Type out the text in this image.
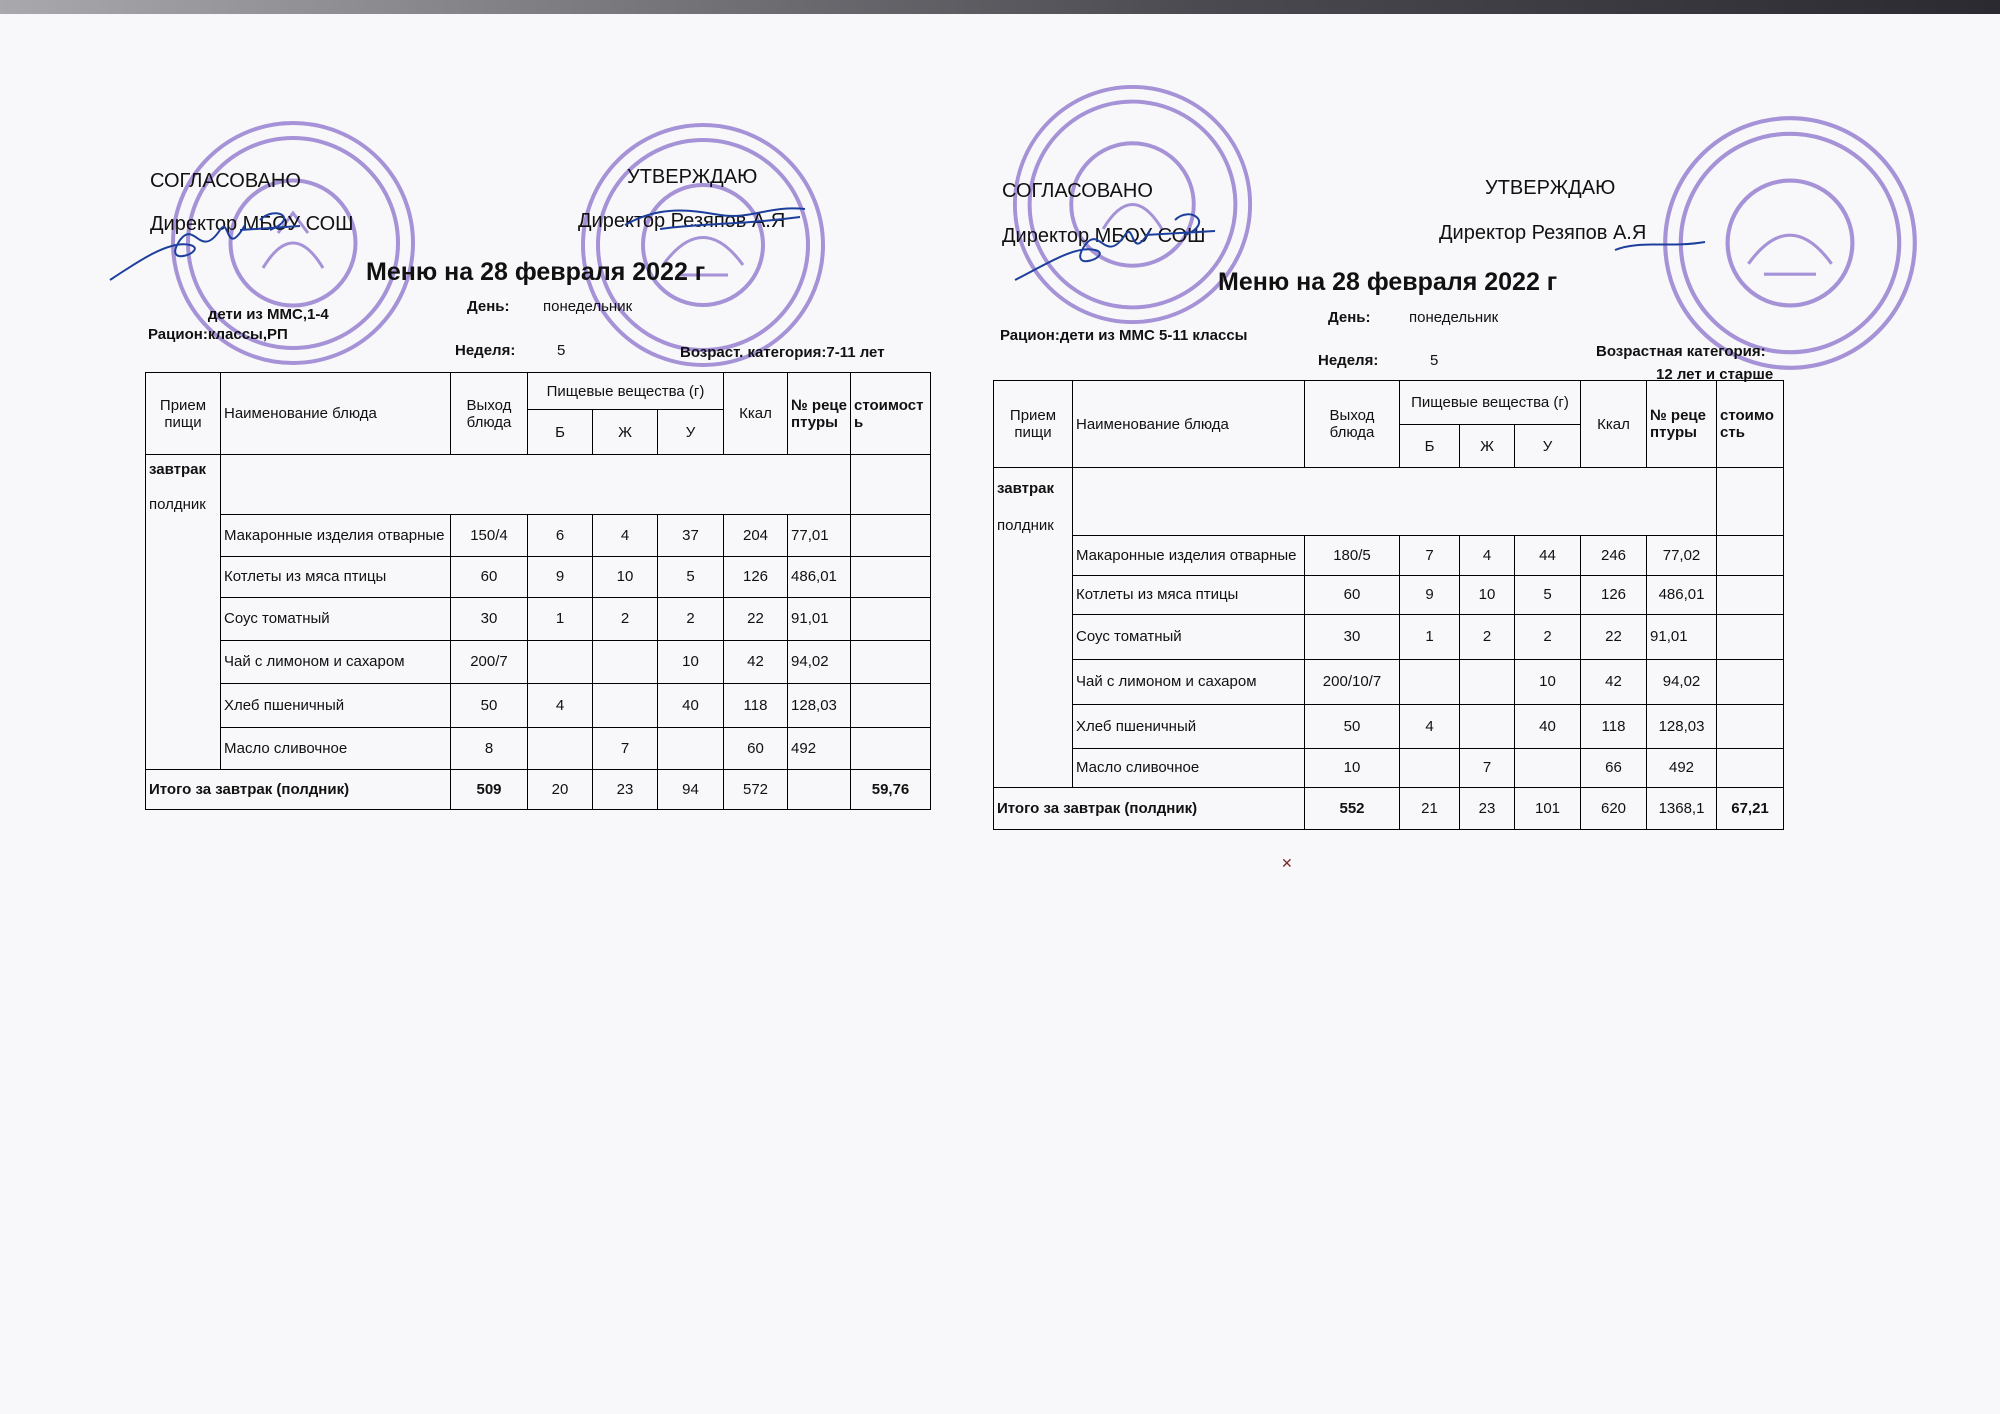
СОГЛАСОВАНО
Директор МБОУ СОШ
УТВЕРЖДАЮ
Директор Резяпов А.Я
Меню на 28 февраля 2022 г
Рацион:дети из ММС,1-4 классы,РП
День: понедельник
Неделя:	5	Возраст. категория:7-11 лет
Прием пищи	Наименование блюда	Выход блюда	Пищевые вещества (г)			Ккал	№ рецептуры	стоимость
			Б	Ж	У			

завтрак
полдник								

	Макаронные изделия отварные	150/4	6	4	37	204	77,01	
	Котлеты из мяса птицы	60	9	10	5	126	486,01	
	Соус томатный	30	1	2	2	22	91,01	
	Чай с лимоном и сахаром	200/7			10	42	94,02	
	Хлеб пшеничный	50	4		40	118	128,03	
	Масло сливочное	8		7		60	492	
Итого за завтрак (полдник)		509	20	23	94	572		59,76
СОГЛАСОВАНО
Директор МБОУ СОШ
УТВЕРЖДАЮ
Директор Резяпов А.Я
Меню на 28 февраля 2022 г
Рацион:дети из ММС 5-11 классы
День:	понедельник
Неделя:	5
Возрастная категория:
12 лет и старше
Прием пищи	Наименование блюда	Выход блюда	Пищевые вещества (г)			Ккал	№ рецептуры	стоимость
			Б	Ж	У			

завтрак
полдник								

	Макаронные изделия отварные	180/5	7	4	44	246	77,02	
	Котлеты из мяса птицы	60	9	10	5	126	486,01	
	Соус томатный	30	1	2	2	22	91,01	
	Чай с лимоном и сахаром	200/10/7			10	42	94,02	
	Хлеб пшеничный	50	4		40	118	128,03	
	Масло сливочное	10		7		66	492	
Итого за завтрак (полдник)		552	21	23	101	620	1368,1	67,21
✕
